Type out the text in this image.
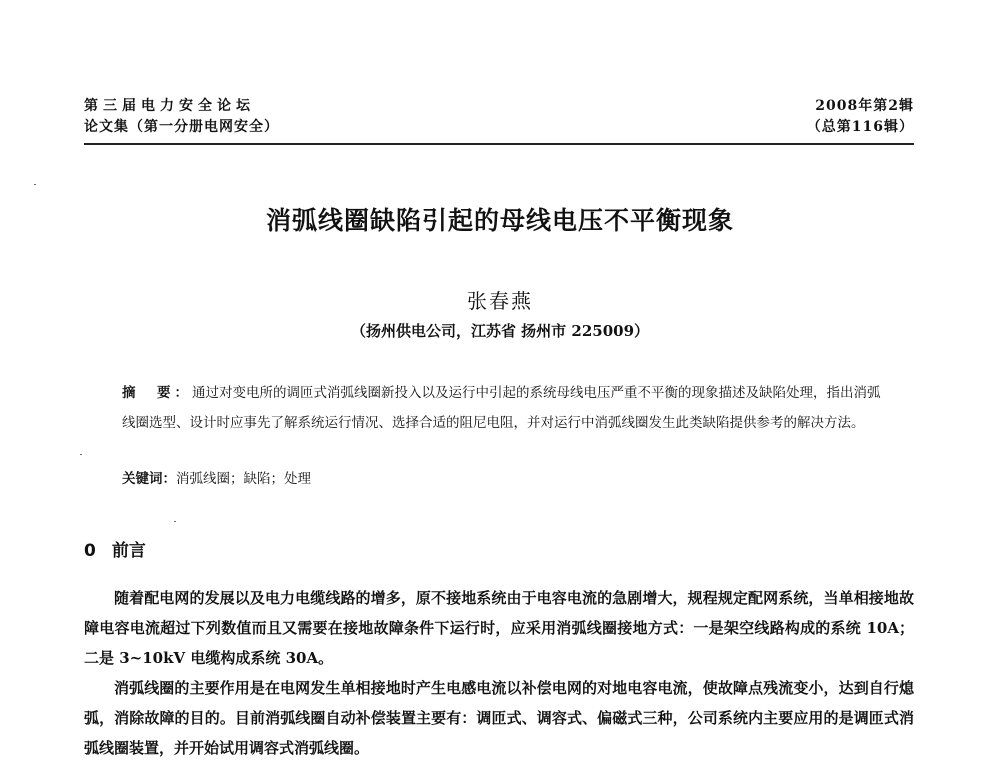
第三届电力安全论坛
论文集（第一分册电网安全）
2008年第2辑
（总第116辑）
消弧线圈缺陷引起的母线电压不平衡现象
张春燕
（扬州供电公司，江苏省 扬州市 225009）
摘　要：通过对变电所的调匝式消弧线圈新投入以及运行中引起的系统母线电压严重不平衡的现象描述及缺陷处理，指出消弧线圈选型、设计时应事先了解系统运行情况、选择合适的阻尼电阻，并对运行中消弧线圈发生此类缺陷提供参考的解决方法。
关键词：消弧线圈；缺陷；处理
0 前言

随着配电网的发展以及电力电缆线路的增多，原不接地系统由于电容电流的急剧增大，规程规定配网系统，当单相接地故障电容电流超过下列数值而且又需要在接地故障条件下运行时，应采用消弧线圈接地方式：一是架空线路构成的系统 10A；二是 3~10kV 电缆构成系统 30A。

消弧线圈的主要作用是在电网发生单相接地时产生电感电流以补偿电网的对地电容电流，使故障点残流变小，达到自行熄弧，消除故障的目的。目前消弧线圈自动补偿装置主要有：调匝式、调容式、偏磁式三种，公司系统内主要应用的是调匝式消弧线圈装置，并开始试用调容式消弧线圈。
